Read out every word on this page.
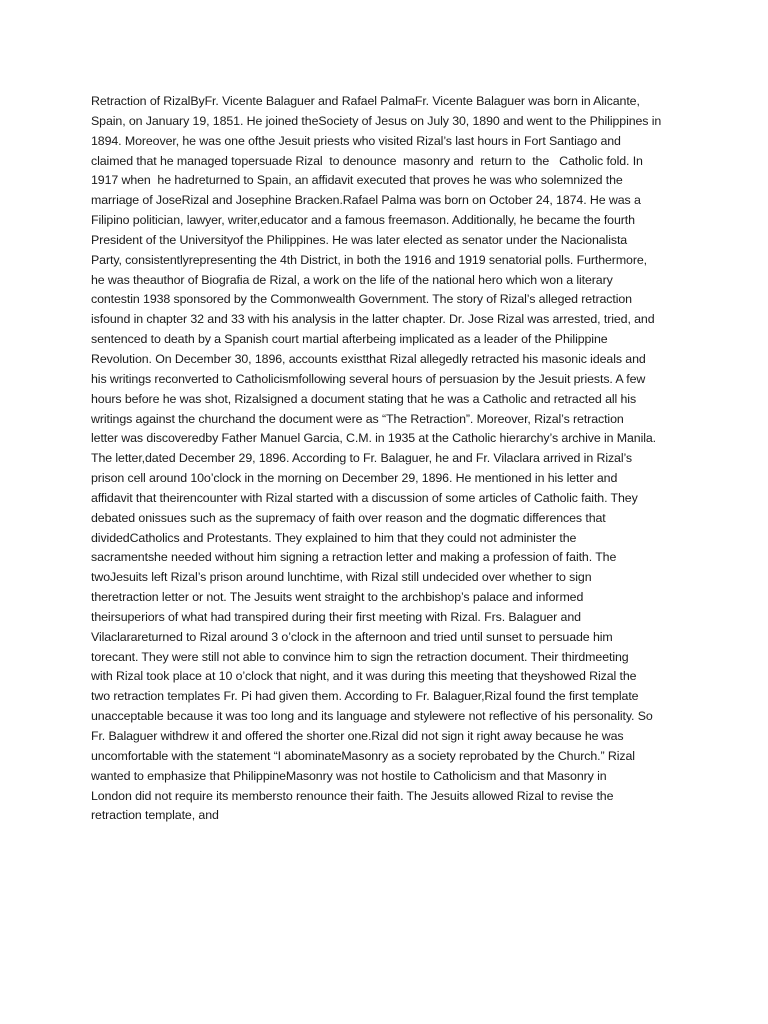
Retraction of RizalByFr. Vicente Balaguer and Rafael PalmaFr. Vicente Balaguer was born in Alicante,
Spain, on January 19, 1851. He joined theSociety of Jesus on July 30, 1890 and went to the Philippines in
1894. Moreover, he was one ofthe Jesuit priests who visited Rizal’s last hours in Fort Santiago and
claimed that he managed topersuade Rizal  to denounce  masonry and  return to  the   Catholic fold. In
1917 when  he hadreturned to Spain, an affidavit executed that proves he was who solemnized the
marriage of JoseRizal and Josephine Bracken.Rafael Palma was born on October 24, 1874. He was a
Filipino politician, lawyer, writer,educator and a famous freemason. Additionally, he became the fourth
President of the Universityof the Philippines. He was later elected as senator under the Nacionalista
Party, consistentlyrepresenting the 4th District, in both the 1916 and 1919 senatorial polls. Furthermore,
he was theauthor of Biografia de Rizal, a work on the life of the national hero which won a literary
contestin 1938 sponsored by the Commonwealth Government. The story of Rizal’s alleged retraction
isfound in chapter 32 and 33 with his analysis in the latter chapter. Dr. Jose Rizal was arrested, tried, and
sentenced to death by a Spanish court martial afterbeing implicated as a leader of the Philippine
Revolution. On December 30, 1896, accounts existthat Rizal allegedly retracted his masonic ideals and
his writings reconverted to Catholicismfollowing several hours of persuasion by the Jesuit priests. A few
hours before he was shot, Rizalsigned a document stating that he was a Catholic and retracted all his
writings against the churchand the document were as “The Retraction”. Moreover, Rizal’s retraction
letter was discoveredby Father Manuel Garcia, C.M. in 1935 at the Catholic hierarchy’s archive in Manila.
The letter,dated December 29, 1896. According to Fr. Balaguer, he and Fr. Vilaclara arrived in Rizal’s
prison cell around 10o’clock in the morning on December 29, 1896. He mentioned in his letter and
affidavit that theirencounter with Rizal started with a discussion of some articles of Catholic faith. They
debated onissues such as the supremacy of faith over reason and the dogmatic differences that
dividedCatholics and Protestants. They explained to him that they could not administer the
sacramentshe needed without him signing a retraction letter and making a profession of faith. The
twoJesuits left Rizal’s prison around lunchtime, with Rizal still undecided over whether to sign
theretraction letter or not. The Jesuits went straight to the archbishop’s palace and informed
theirsuperiors of what had transpired during their first meeting with Rizal. Frs. Balaguer and
Vilaclarareturned to Rizal around 3 o’clock in the afternoon and tried until sunset to persuade him
torecant. They were still not able to convince him to sign the retraction document. Their thirdmeeting
with Rizal took place at 10 o’clock that night, and it was during this meeting that theyshowed Rizal the
two retraction templates Fr. Pi had given them. According to Fr. Balaguer,Rizal found the first template
unacceptable because it was too long and its language and stylewere not reflective of his personality. So
Fr. Balaguer withdrew it and offered the shorter one.Rizal did not sign it right away because he was
uncomfortable with the statement “I abominateMasonry as a society reprobated by the Church.” Rizal
wanted to emphasize that PhilippineMasonry was not hostile to Catholicism and that Masonry in
London did not require its membersto renounce their faith. The Jesuits allowed Rizal to revise the
retraction template, and
